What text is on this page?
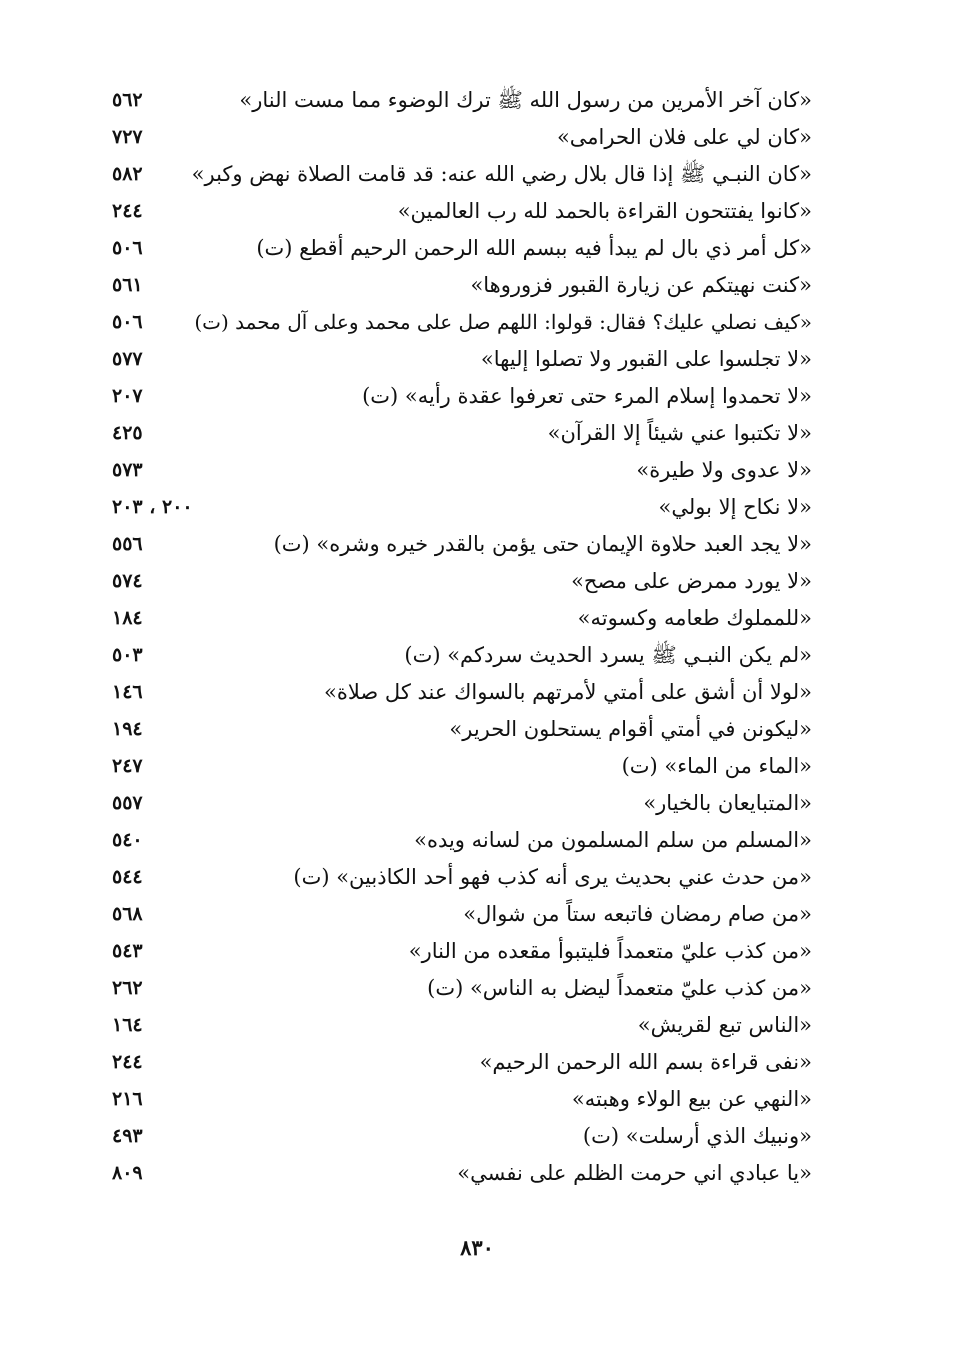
«كان آخر الأمرين من رسول الله ﷺ ترك الوضوء مما مست النار»
٥٦٢
«كان لي على فلان الحرامى»
٧٢٧
«كان النبـي ﷺ إذا قال بلال رضي الله عنه: قد قامت الصلاة نهض وكبر»
٥٨٢
«كانوا يفتتحون القراءة بالحمد لله رب العالمين»
٢٤٤
«كل أمر ذي بال لم يبدأ فيه ببسم الله الرحمن الرحيم أقطع (ت)
٥٠٦
«كنت نهيتكم عن زيارة القبور فزوروها»
٥٦١
«كيف نصلي عليك؟ فقال: قولوا: اللهم صل على محمد وعلى آل محمد (ت)
٥٠٦
«لا تجلسوا على القبور ولا تصلوا إليها»
٥٧٧
«لا تحمدوا إسلام المرء حتى تعرفوا عقدة رأيه» (ت)
٢٠٧
«لا تكتبوا عني شيئاً إلا القرآن»
٤٢٥
«لا عدوى ولا طيرة»
٥٧٣
«لا نكاح إلا بولي»
٢٠٠ ، ٢٠٣
«لا يجد العبد حلاوة الإيمان حتى يؤمن بالقدر خيره وشره» (ت)
٥٥٦
«لا يورد ممرض على مصح»
٥٧٤
«للمملوك طعامه وكسوته»
١٨٤
«لم يكن النبـي ﷺ يسرد الحديث سردكم» (ت)
٥٠٣
«لولا أن أشق على أمتي لأمرتهم بالسواك عند كل صلاة»
١٤٦
«ليكونن في أمتي أقوام يستحلون الحرير»
١٩٤
«الماء من الماء» (ت)
٢٤٧
«المتبايعان بالخيار»
٥٥٧
«المسلم من سلم المسلمون من لسانه ويده»
٥٤٠
«من حدث عني بحديث يرى أنه كذب فهو أحد الكاذبين» (ت)
٥٤٤
«من صام رمضان فاتبعه ستاً من شوال»
٥٦٨
«من كذب عليّ متعمداً فليتبوأ مقعده من النار»
٥٤٣
«من كذب عليّ متعمداً ليضل به الناس» (ت)
٢٦٢
«الناس تبع لقريش»
١٦٤
«نفى قراءة بسم الله الرحمن الرحيم»
٢٤٤
«النهي عن بيع الولاء وهبته»
٢١٦
«ونبيك الذي أرسلت» (ت)
٤٩٣
«يا عبادي اني حرمت الظلم على نفسي»
٨٠٩
٨٣٠
